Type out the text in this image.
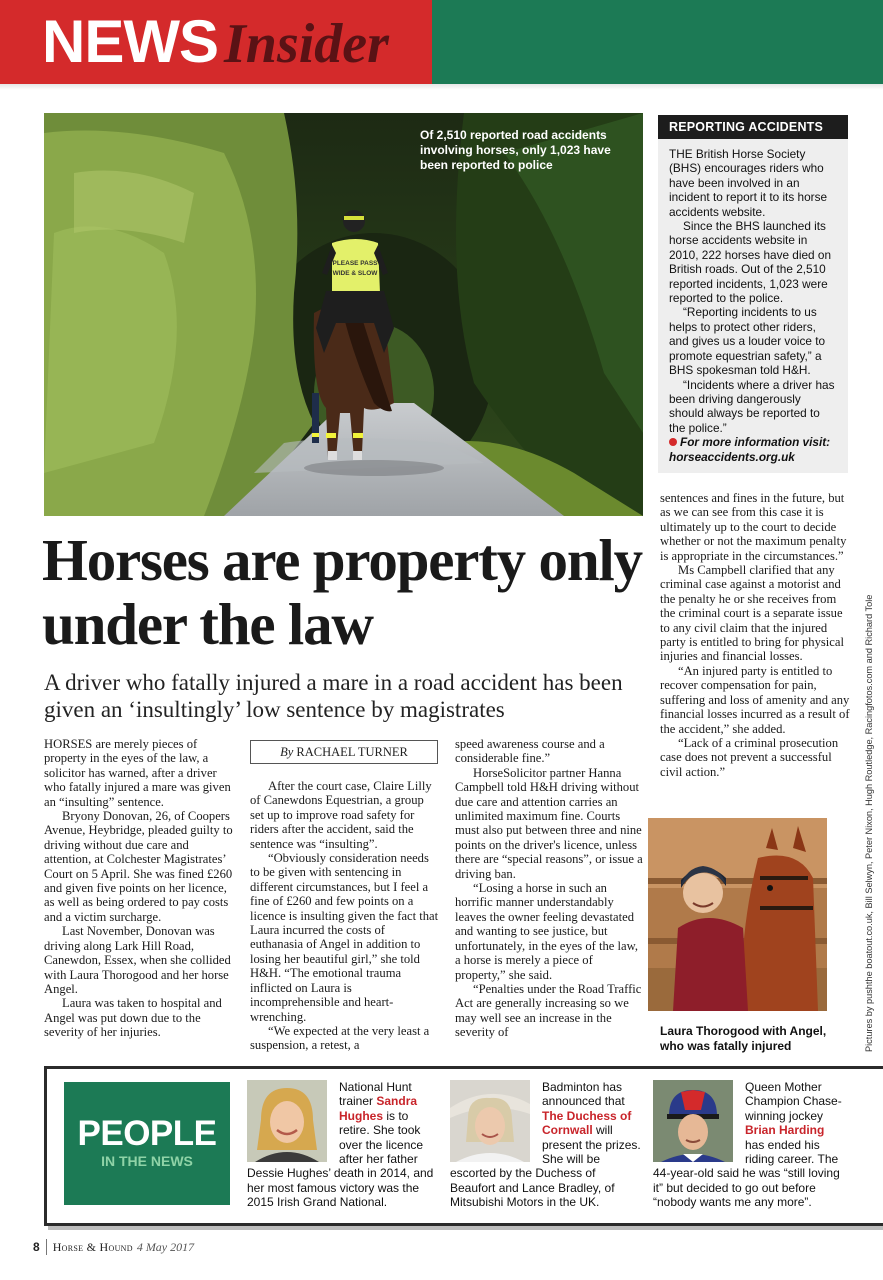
NEWS Insider
PLEASE PASS
WIDE & SLOW
Of 2,510 reported road accidents involving horses, only 1,023 have been reported to police
REPORTING ACCIDENTS

THE British Horse Society (BHS) encourages riders who have been involved in an incident to report it to its horse accidents website.

Since the BHS launched its horse accidents website in 2010, 222 horses have died on British roads. Out of the 2,510 reported incidents, 1,023 were reported to the police.

“Reporting incidents to us helps to protect other riders, and gives us a louder voice to promote equestrian safety,” a BHS spokesman told H&H.

“Incidents where a driver has been driving dangerously should always be reported to the police.”

For more information visit: horseaccidents.org.uk

Horses are property only under the law
A driver who fatally injured a mare in a road accident has been given an ‘insultingly’ low sentence by magistrates
By RACHAEL TURNER

HORSES are merely pieces of property in the eyes of the law, a solicitor has warned, after a driver who fatally injured a mare was given an “insulting” sentence.

Bryony Donovan, 26, of Coopers Avenue, Heybridge, pleaded guilty to driving without due care and attention, at Colchester Magistrates’ Court on 5 April. She was fined £260 and given five points on her licence, as well as being ordered to pay costs and a victim surcharge.

Last November, Donovan was driving along Lark Hill Road, Canewdon, Essex, when she collided with Laura Thorogood and her horse Angel.

Laura was taken to hospital and Angel was put down due to the severity of her injuries.

After the court case, Claire Lilly of Canewdons Equestrian, a group set up to improve road safety for riders after the accident, said the sentence was “insulting”.

“Obviously consideration needs to be given with sentencing in different circumstances, but I feel a fine of £260 and few points on a licence is insulting given the fact that Laura incurred the costs of euthanasia of Angel in addition to losing her beautiful girl,” she told H&H. “The emotional trauma inflicted on Laura is incomprehensible and heart-wrenching.

“We expected at the very least a suspension, a retest, a

speed awareness course and a considerable fine.”

HorseSolicitor partner Hanna Campbell told H&H driving without due care and attention carries an unlimited maximum fine. Courts must also put between three and nine points on the driver's licence, unless there are “special reasons”, or issue a driving ban.

“Losing a horse in such an horrific manner understandably leaves the owner feeling devastated and wanting to see justice, but unfortunately, in the eyes of the law, a horse is merely a piece of property,” she said.

“Penalties under the Road Traffic Act are generally increasing so we may well see an increase in the severity of

sentences and fines in the future, but as we can see from this case it is ultimately up to the court to decide whether or not the maximum penalty is appropriate in the circumstances.”

Ms Campbell clarified that any criminal case against a motorist and the penalty he or she receives from the criminal court is a separate issue to any civil claim that the injured party is entitled to bring for physical injuries and financial losses.

“An injured party is entitled to recover compensation for pain, suffering and loss of amenity and any financial losses incurred as a result of the accident,” she added.

“Lack of a criminal prosecution case does not prevent a successful civil action.”

Laura Thorogood with Angel, who was fatally injured	Pictures by pushthe boatout.co.uk, Bill Selwyn, Peter Nixon, Hugh Routledge, Racingfotos.com and Richard Tole
PEOPLE
IN THE NEWS
National Hunt trainer Sandra Hughes is to retire. She took over the licence after her father Dessie Hughes’ death in 2014, and her most famous victory was the 2015 Irish Grand National.
Badminton has announced that The Duchess of Cornwall will present the prizes. She will be escorted by the Duchess of Beaufort and Lance Bradley, of Mitsubishi Motors in the UK.
Queen Mother Champion Chase-winning jockey Brian Harding has ended his riding career. The 44-year-old said he was “still loving it” but decided to go out before “nobody wants me any more”.
8 Horse & Hound 4 May 2017
